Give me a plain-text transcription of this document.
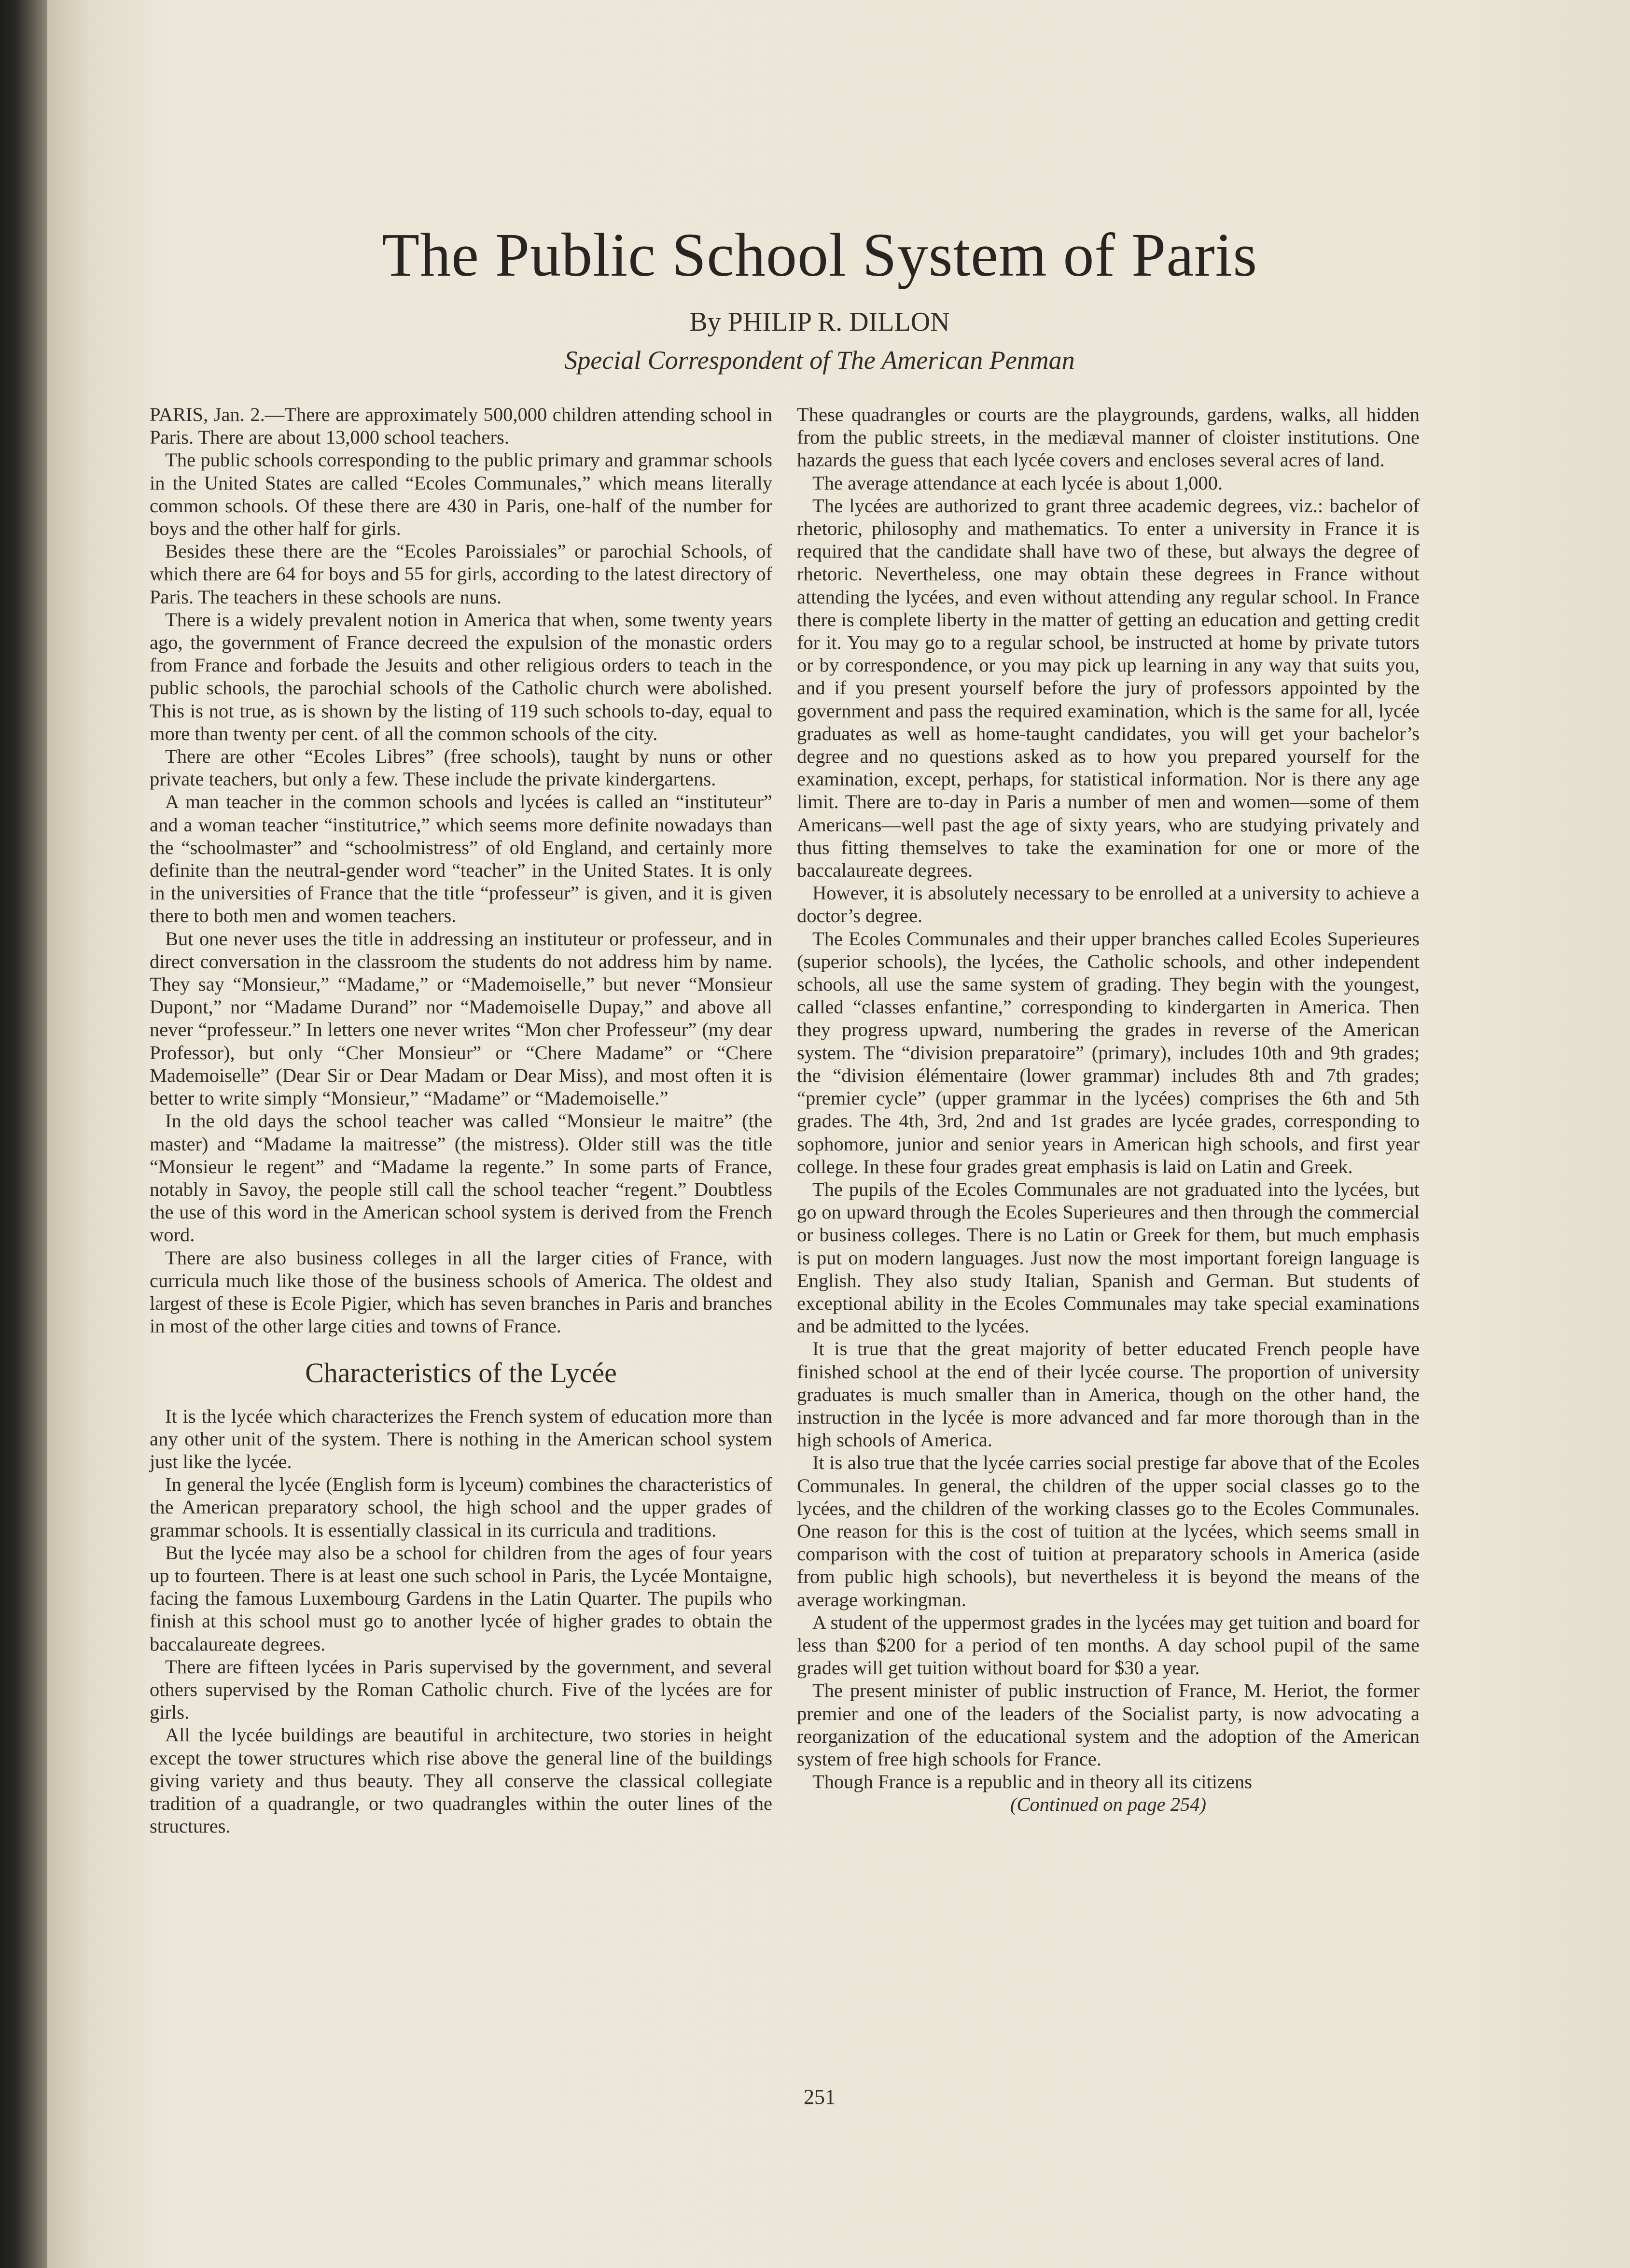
The Public School System of Paris

By PHILIP R. DILLON

Special Correspondent of The American Penman

PARIS, Jan. 2.—There are approximately 500,000 children attending school in Paris. There are about 13,000 school teachers.

The public schools corresponding to the public primary and grammar schools in the United States are called “Ecoles Communales,” which means literally common schools. Of these there are 430 in Paris, one-half of the number for boys and the other half for girls.

Besides these there are the “Ecoles Paroissiales” or parochial Schools, of which there are 64 for boys and 55 for girls, according to the latest directory of Paris. The teachers in these schools are nuns.

There is a widely prevalent notion in America that when, some twenty years ago, the government of France decreed the expulsion of the monastic orders from France and forbade the Jesuits and other religious orders to teach in the public schools, the parochial schools of the Catholic church were abolished. This is not true, as is shown by the listing of 119 such schools to-day, equal to more than twenty per cent. of all the common schools of the city.

There are other “Ecoles Libres” (free schools), taught by nuns or other private teachers, but only a few. These include the private kindergartens.

A man teacher in the common schools and lycées is called an “instituteur” and a woman teacher “institutrice,” which seems more definite nowadays than the “schoolmaster” and “schoolmistress” of old England, and certainly more definite than the neutral-gender word “teacher” in the United States. It is only in the universities of France that the title “professeur” is given, and it is given there to both men and women teachers.

But one never uses the title in addressing an instituteur or professeur, and in direct conversation in the classroom the students do not address him by name. They say “Monsieur,” “Madame,” or “Mademoiselle,” but never “Monsieur Dupont,” nor “Madame Durand” nor “Mademoiselle Dupay,” and above all never “professeur.” In letters one never writes “Mon cher Professeur” (my dear Professor), but only “Cher Monsieur” or “Chere Madame” or “Chere Mademoiselle” (Dear Sir or Dear Madam or Dear Miss), and most often it is better to write simply “Monsieur,” “Madame” or “Mademoiselle.”

In the old days the school teacher was called “Monsieur le maitre” (the master) and “Madame la maitresse” (the mistress). Older still was the title “Monsieur le regent” and “Madame la regente.” In some parts of France, notably in Savoy, the people still call the school teacher “regent.” Doubtless the use of this word in the American school system is derived from the French word.

There are also business colleges in all the larger cities of France, with curricula much like those of the business schools of America. The oldest and largest of these is Ecole Pigier, which has seven branches in Paris and branches in most of the other large cities and towns of France.

Characteristics of the Lycée

It is the lycée which characterizes the French system of education more than any other unit of the system. There is nothing in the American school system just like the lycée.

In general the lycée (English form is lyceum) combines the characteristics of the American preparatory school, the high school and the upper grades of grammar schools. It is essentially classical in its curricula and traditions.

But the lycée may also be a school for children from the ages of four years up to fourteen. There is at least one such school in Paris, the Lycée Montaigne, facing the famous Luxembourg Gardens in the Latin Quarter. The pupils who finish at this school must go to another lycée of higher grades to obtain the baccalaureate degrees.

There are fifteen lycées in Paris supervised by the government, and several others supervised by the Roman Catholic church. Five of the lycées are for girls.

All the lycée buildings are beautiful in architecture, two stories in height except the tower structures which rise above the general line of the buildings giving variety and thus beauty. They all conserve the classical collegiate tradition of a quadrangle, or two quadrangles within the outer lines of the structures.

These quadrangles or courts are the playgrounds, gardens, walks, all hidden from the public streets, in the mediæval manner of cloister institutions. One hazards the guess that each lycée covers and encloses several acres of land.

The average attendance at each lycée is about 1,000.

The lycées are authorized to grant three academic degrees, viz.: bachelor of rhetoric, philosophy and mathematics. To enter a university in France it is required that the candidate shall have two of these, but always the degree of rhetoric. Nevertheless, one may obtain these degrees in France without attending the lycées, and even without attending any regular school. In France there is complete liberty in the matter of getting an education and getting credit for it. You may go to a regular school, be instructed at home by private tutors or by correspondence, or you may pick up learning in any way that suits you, and if you present yourself before the jury of professors appointed by the government and pass the required examination, which is the same for all, lycée graduates as well as home-taught candidates, you will get your bachelor’s degree and no questions asked as to how you prepared yourself for the examination, except, perhaps, for statistical information. Nor is there any age limit. There are to-day in Paris a number of men and women—some of them Americans—well past the age of sixty years, who are studying privately and thus fitting themselves to take the examination for one or more of the baccalaureate degrees.

However, it is absolutely necessary to be enrolled at a university to achieve a doctor’s degree.

The Ecoles Communales and their upper branches called Ecoles Superieures (superior schools), the lycées, the Catholic schools, and other independent schools, all use the same system of grading. They begin with the youngest, called “classes enfantine,” corresponding to kindergarten in America. Then they progress upward, numbering the grades in reverse of the American system. The “division preparatoire” (primary), includes 10th and 9th grades; the “division élémentaire (lower grammar) includes 8th and 7th grades; “premier cycle” (upper grammar in the lycées) comprises the 6th and 5th grades. The 4th, 3rd, 2nd and 1st grades are lycée grades, corresponding to sophomore, junior and senior years in American high schools, and first year college. In these four grades great emphasis is laid on Latin and Greek.

The pupils of the Ecoles Communales are not graduated into the lycées, but go on upward through the Ecoles Superieures and then through the commercial or business colleges. There is no Latin or Greek for them, but much emphasis is put on modern languages. Just now the most important foreign language is English. They also study Italian, Spanish and German. But students of exceptional ability in the Ecoles Communales may take special examinations and be admitted to the lycées.

It is true that the great majority of better educated French people have finished school at the end of their lycée course. The proportion of university graduates is much smaller than in America, though on the other hand, the instruction in the lycée is more advanced and far more thorough than in the high schools of America.

It is also true that the lycée carries social prestige far above that of the Ecoles Communales. In general, the children of the upper social classes go to the lycées, and the children of the working classes go to the Ecoles Communales. One reason for this is the cost of tuition at the lycées, which seems small in comparison with the cost of tuition at preparatory schools in America (aside from public high schools), but nevertheless it is beyond the means of the average workingman.

A student of the uppermost grades in the lycées may get tuition and board for less than $200 for a period of ten months. A day school pupil of the same grades will get tuition without board for $30 a year.

The present minister of public instruction of France, M. Heriot, the former premier and one of the leaders of the Socialist party, is now advocating a reorganization of the educational system and the adoption of the American system of free high schools for France.

Though France is a republic and in theory all its citizens

(Continued on page 254)

251
